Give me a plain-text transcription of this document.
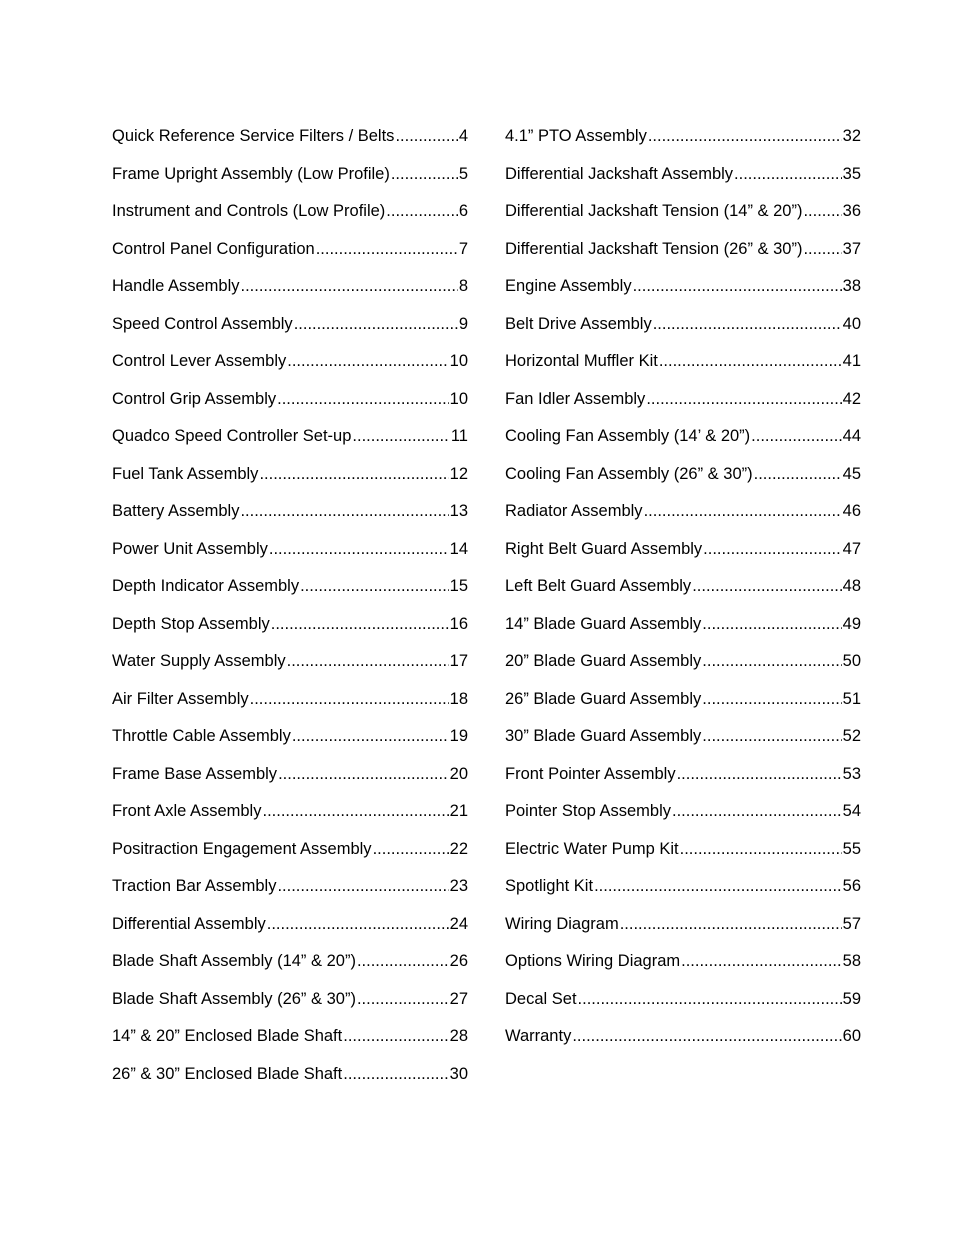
Quick Reference Service Filters / Belts .....	4
Frame Upright Assembly (Low Profile) .....	5
Instrument and Controls (Low Profile) .....	6
Control Panel Configuration .....	7
Handle Assembly .....	8
Speed Control Assembly .....	9
Control Lever Assembly .....	10
Control Grip Assembly .....	10
Quadco Speed Controller Set-up .....	11
Fuel Tank Assembly .....	12
Battery Assembly .....	13
Power Unit Assembly .....	14
Depth Indicator Assembly .....	15
Depth Stop Assembly .....	16
Water Supply Assembly .....	17
Air Filter Assembly .....	18
Throttle Cable Assembly .....	19
Frame Base Assembly .....	20
Front Axle Assembly .....	21
Positraction Engagement Assembly .....	22
Traction Bar Assembly .....	23
Differential Assembly .....	24
Blade Shaft Assembly (14” & 20”) .....	26
Blade Shaft Assembly (26” & 30”) .....	27
14” & 20” Enclosed Blade Shaft .....	28
26” & 30” Enclosed Blade Shaft .....	30
4.1” PTO Assembly .....	32
Differential Jackshaft Assembly .....	35
Differential Jackshaft Tension (14” & 20”) ..... 36
Differential Jackshaft Tension (26” & 30”) ..... 37
Engine Assembly .....	38
Belt Drive Assembly .....	40
Horizontal Muffler Kit .....	41
Fan Idler Assembly .....	42
Cooling Fan Assembly (14’ & 20”) .....	44
Cooling Fan Assembly (26” & 30”) .....	45
Radiator Assembly .....	46
Right Belt Guard Assembly .....	47
Left Belt Guard Assembly .....	48
14” Blade Guard Assembly .....	49
20” Blade Guard Assembly .....	50
26” Blade Guard Assembly .....	51
30” Blade Guard Assembly .....	52
Front Pointer Assembly .....	53
Pointer Stop Assembly .....	54
Electric Water Pump Kit .....	55
Spotlight Kit .....	56
Wiring Diagram .....	57
Options Wiring Diagram .....	58
Decal Set .....	59
Warranty .....	60
